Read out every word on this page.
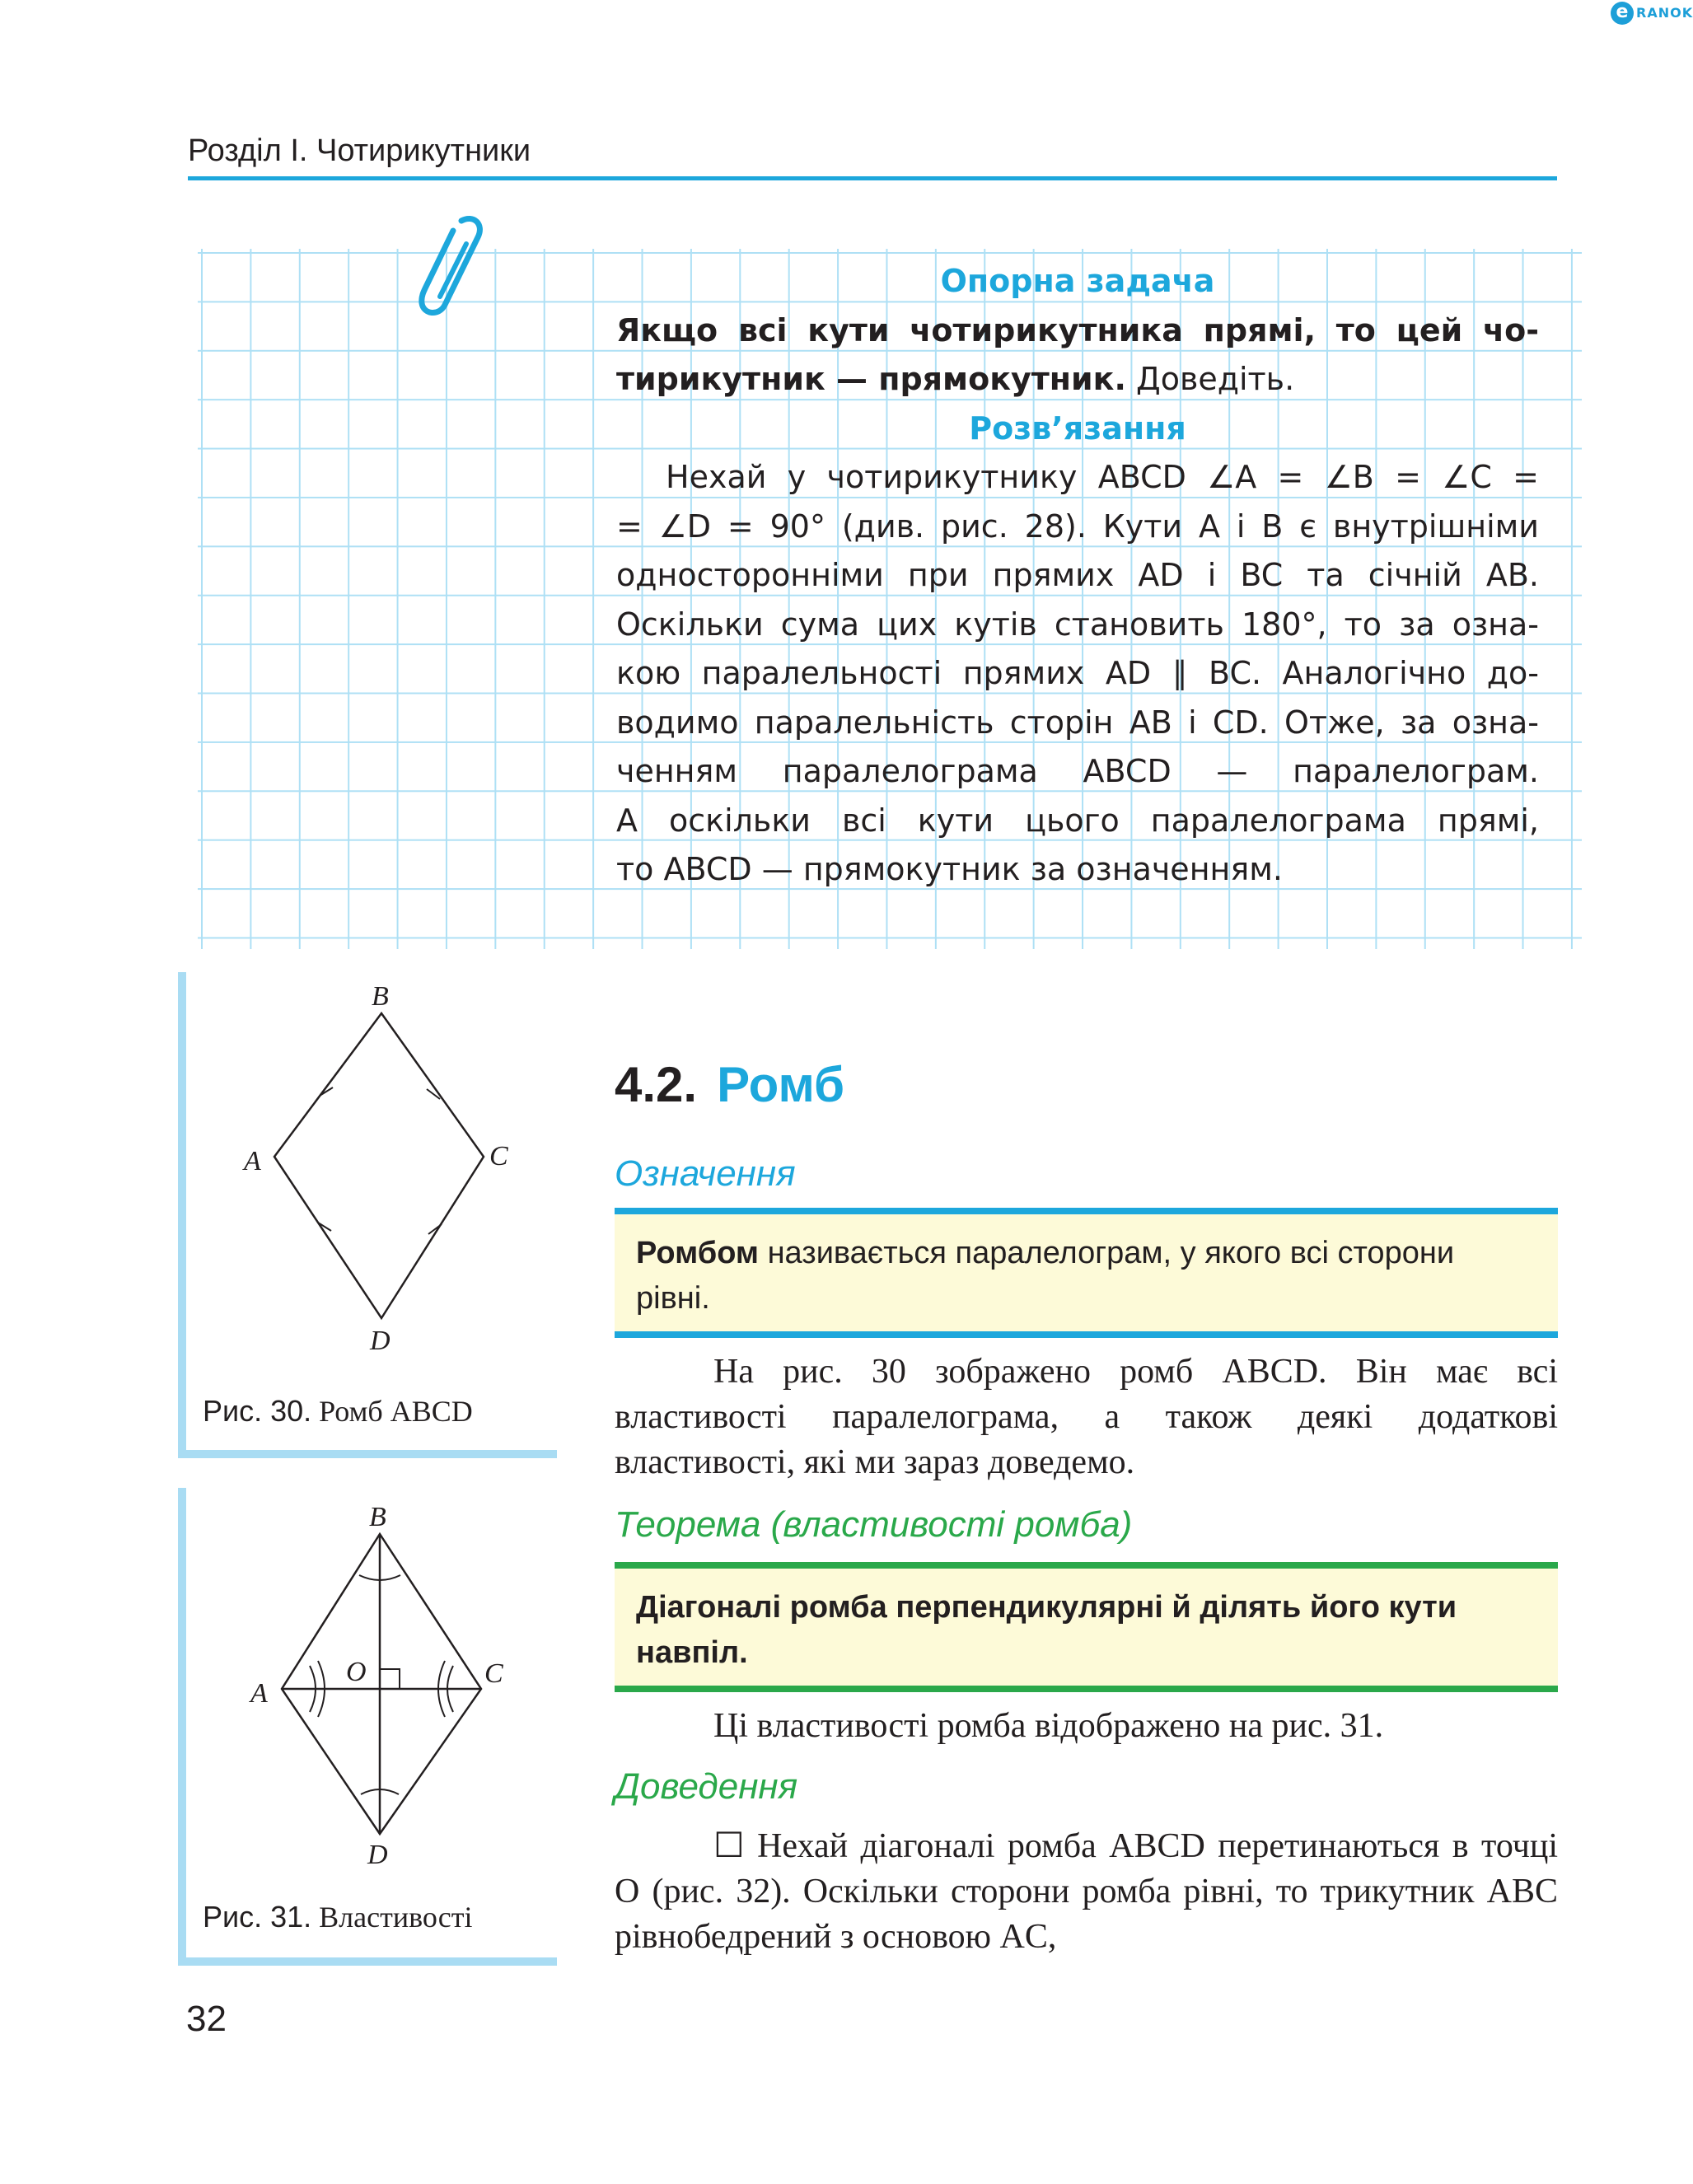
e RANOK
Розділ І. Чотирикутники
Опорна задача
Якщо всі кути чотирикутника прямі, то цей чо-
тирикутник — прямокутник. Доведіть.
Розв’язання
Нехай у чотирикутнику ABCD ∠A = ∠B = ∠C =
= ∠D = 90° (див. рис. 28). Кути A і B є внутрішніми
односторонніми при прямих AD і BC та січній AB.
Оскільки сума цих кутів становить 180°, то за озна-
кою паралельності прямих AD ∥ BC. Аналогічно до-
водимо паралельність сторін AB і CD. Отже, за озна-
ченням паралелограма ABCD — паралелограм.
А оскільки всі кути цього паралелограма прямі,
то ABCD — прямокутник за означенням.
B
A	C
D
Рис. 30. Ромб ABCD
B
A
C
D
O
Рис. 31. Властивості
4.2. Ромб
Означення
Ромбом називається паралелограм, у якого всі сторони рівні.
На рис. 30 зображено ромб ABCD. Він має всі властивості паралелограма, а також деякі додаткові властивості, які ми зараз доведемо.
Теорема (властивості ромба)
Діагоналі ромба перпендикулярні й ділять його кути навпіл.
Ці властивості ромба відображено на рис. 31.
Доведення
☐ Нехай діагоналі ромба ABCD перетинаються в точці O (рис. 32). Оскільки сторони ромба рівні, то трикутник ABC рівнобедрений з основою AC,
32
